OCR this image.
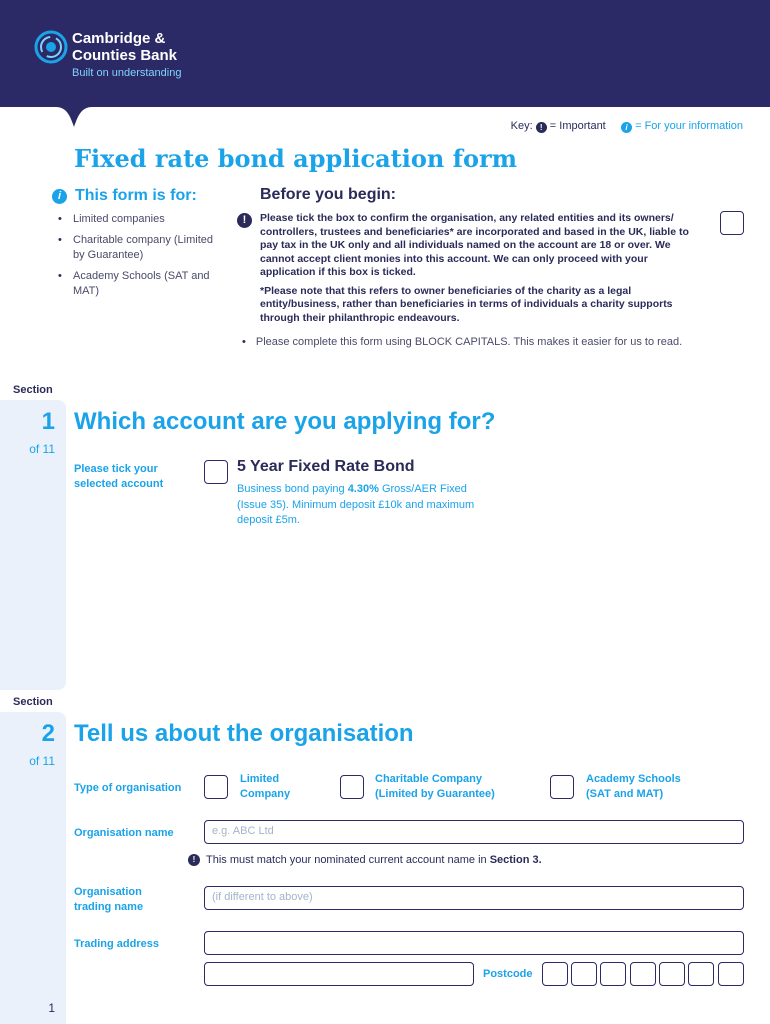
Cambridge &
Counties Bank
Built on understanding
Key: ! = Important i = For your information
Fixed rate bond application form
i This form is for:
• Limited companies
• Charitable company (Limited by Guarantee)
• Academy Schools (SAT and MAT)
Before you begin:
!	Please tick the box to confirm the organisation, any related entities and its owners/ controllers, trustees and beneficiaries* are incorporated and based in the UK, liable to pay tax in the UK only and all individuals named on the account are 18 or over. We cannot accept client monies into this account. We can only proceed with your application if this box is ticked.

*Please note that this refers to owner beneficiaries of the charity as a legal entity/business, rather than beneficiaries in terms of individuals a charity supports through their philanthropic endeavours.

• Please complete this form using BLOCK CAPITALS. This makes it easier for us to read.
Section
1
of 11
Which account are you applying for?
Please tick your selected account
5 Year Fixed Rate Bond
Business bond paying 4.30% Gross/AER Fixed (Issue 35). Minimum deposit £10k and maximum deposit £5m.
Section
2
of 11
Tell us about the organisation
Type of organisation
Limited Company
Charitable Company (Limited by Guarantee)
Academy Schools (SAT and MAT)
Organisation name	e.g. ABC Ltd
! This must match your nominated current account name in Section 3.
Organisation trading name
(if different to above)
Trading address
Postcode
1
